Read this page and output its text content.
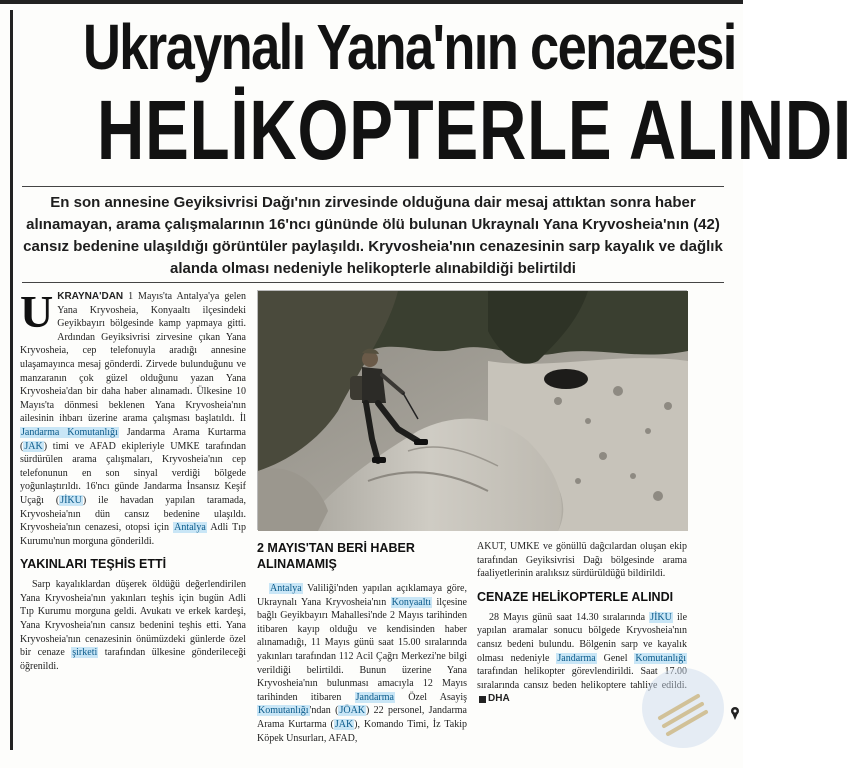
Ukraynalı Yana'nın cenazesi
HELİKOPTERLE ALINDI
En son annesine Geyiksivrisi Dağı'nın zirvesinde olduğuna dair mesaj attıktan sonra haber alınamayan, arama çalışmalarının 16'ncı gününde ölü bulunan Ukraynalı Yana Kryvosheia'nın (42) cansız bedenine ulaşıldığı görüntüler paylaşıldı. Kryvosheia'nın cenazesinin sarp kayalık ve dağlık alanda olması nedeniyle helikopterle alınabildiği belirtildi

UKRAYNA'DAN 1 Mayıs'ta Antalya'ya gelen Yana Kryvosheia, Konyaaltı ilçesindeki Geyikbayırı bölgesinde kamp yapmaya gitti. Ardından Geyiksivrisi zirvesine çıkan Yana Kryvosheia, cep telefonuyla aradığı annesine ulaşamayınca mesaj gönderdi. Zirvede bulunduğunu ve manzaranın çok güzel olduğunu yazan Yana Kryvosheia'dan bir daha haber alınamadı. Ülkesine 10 Mayıs'ta dönmesi beklenen Yana Kryvosheia'nın ailesinin ihbarı üzerine arama çalışması başlatıldı. İl Jandarma Komutanlığı Jandarma Arama Kurtarma (JAK) timi ve AFAD ekipleriyle UMKE tarafından sürdürülen arama çalışmaları, Kryvosheia'nın cep telefonunun en son sinyal verdiği bölgede yoğunlaştırıldı. 16'ncı günde Jandarma İnsansız Keşif Uçağı (JİKU) ile havadan yapılan taramada, Kryvosheia'nın dün cansız bedenine ulaşıldı. Kryvosheia'nın cenazesi, otopsi için Antalya Adli Tıp Kurumu'nun morguna gönderildi.

YAKINLARI TEŞHİS ETTİ

Sarp kayalıklardan düşerek öldüğü değerlendirilen Yana Kryvosheia'nın yakınları teşhis için bugün Adli Tıp Kurumu morguna geldi. Avukatı ve erkek kardeşi, Yana Kryvosheia'nın cansız bedenini teşhis etti. Yana Kryvosheia'nın cenazesinin önümüzdeki günlerde özel bir cenaze şirketi tarafından ülkesine gönderileceği öğrenildi.

2 MAYIS'TAN BERİ HABER ALINAMAMIŞ

Antalya Valiliği'nden yapılan açıklamaya göre, Ukraynalı Yana Kryvosheia'nın Konyaaltı ilçesine bağlı Geyikbayırı Mahallesi'nde 2 Mayıs tarihinden itibaren kayıp olduğu ve kendisinden haber alınamadığı, 11 Mayıs günü saat 15.00 sıralarında yakınları tarafından 112 Acil Çağrı Merkezi'ne bilgi verildiği belirtildi. Bunun üzerine Yana Kryvosheia'nın bulunması amacıyla 12 Mayıs tarihinden itibaren Jandarma Özel Asayiş Komutanlığı'ndan (JÖAK) 22 personel, Jandarma Arama Kurtarma (JAK), Komando Timi, İz Takip Köpek Unsurları, AFAD,

AKUT, UMKE ve gönüllü dağcılardan oluşan ekip tarafından Geyiksivrisi Dağı bölgesinde arama faaliyetlerinin aralıksız sürdürüldüğü bildirildi.

CENAZE HELİKOPTERLE ALINDI

28 Mayıs günü saat 14.30 sıralarında JİKU ile yapılan aramalar sonucu bölgede Kryvosheia'nın cansız bedeni bulundu. Bölgenin sarp ve kayalık olması nedeniyle Jandarma Genel Komutanlığı tarafından helikopter görevlendirildi. Saat 17.00 sıralarında cansız beden helikoptere tahliye edildi.DHA
